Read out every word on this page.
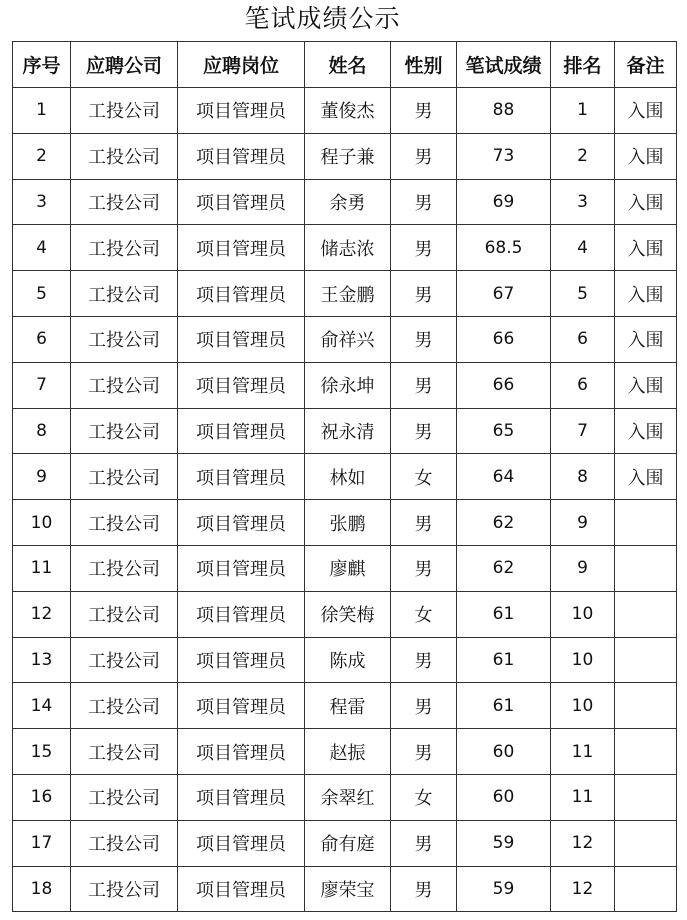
笔试成绩公示
序号	应聘公司	应聘岗位	姓名	性别	笔试成绩	排名	备注
1	工投公司	项目管理员	董俊杰	男	88	1	入围
2	工投公司	项目管理员	程子兼	男	73	2	入围
3	工投公司	项目管理员	余勇	男	69	3	入围
4	工投公司	项目管理员	储志浓	男	68.5	4	入围
5	工投公司	项目管理员	王金鹏	男	67	5	入围
6	工投公司	项目管理员	俞祥兴	男	66	6	入围
7	工投公司	项目管理员	徐永坤	男	66	6	入围
8	工投公司	项目管理员	祝永清	男	65	7	入围
9	工投公司	项目管理员	林如	女	64	8	入围
10	工投公司	项目管理员	张鹏	男	62	9	
11	工投公司	项目管理员	廖麒	男	62	9	
12	工投公司	项目管理员	徐笑梅	女	61	10	
13	工投公司	项目管理员	陈成	男	61	10	
14	工投公司	项目管理员	程雷	男	61	10	
15	工投公司	项目管理员	赵振	男	60	11	
16	工投公司	项目管理员	余翠红	女	60	11	
17	工投公司	项目管理员	俞有庭	男	59	12	
18	工投公司	项目管理员	廖荣宝	男	59	12	
